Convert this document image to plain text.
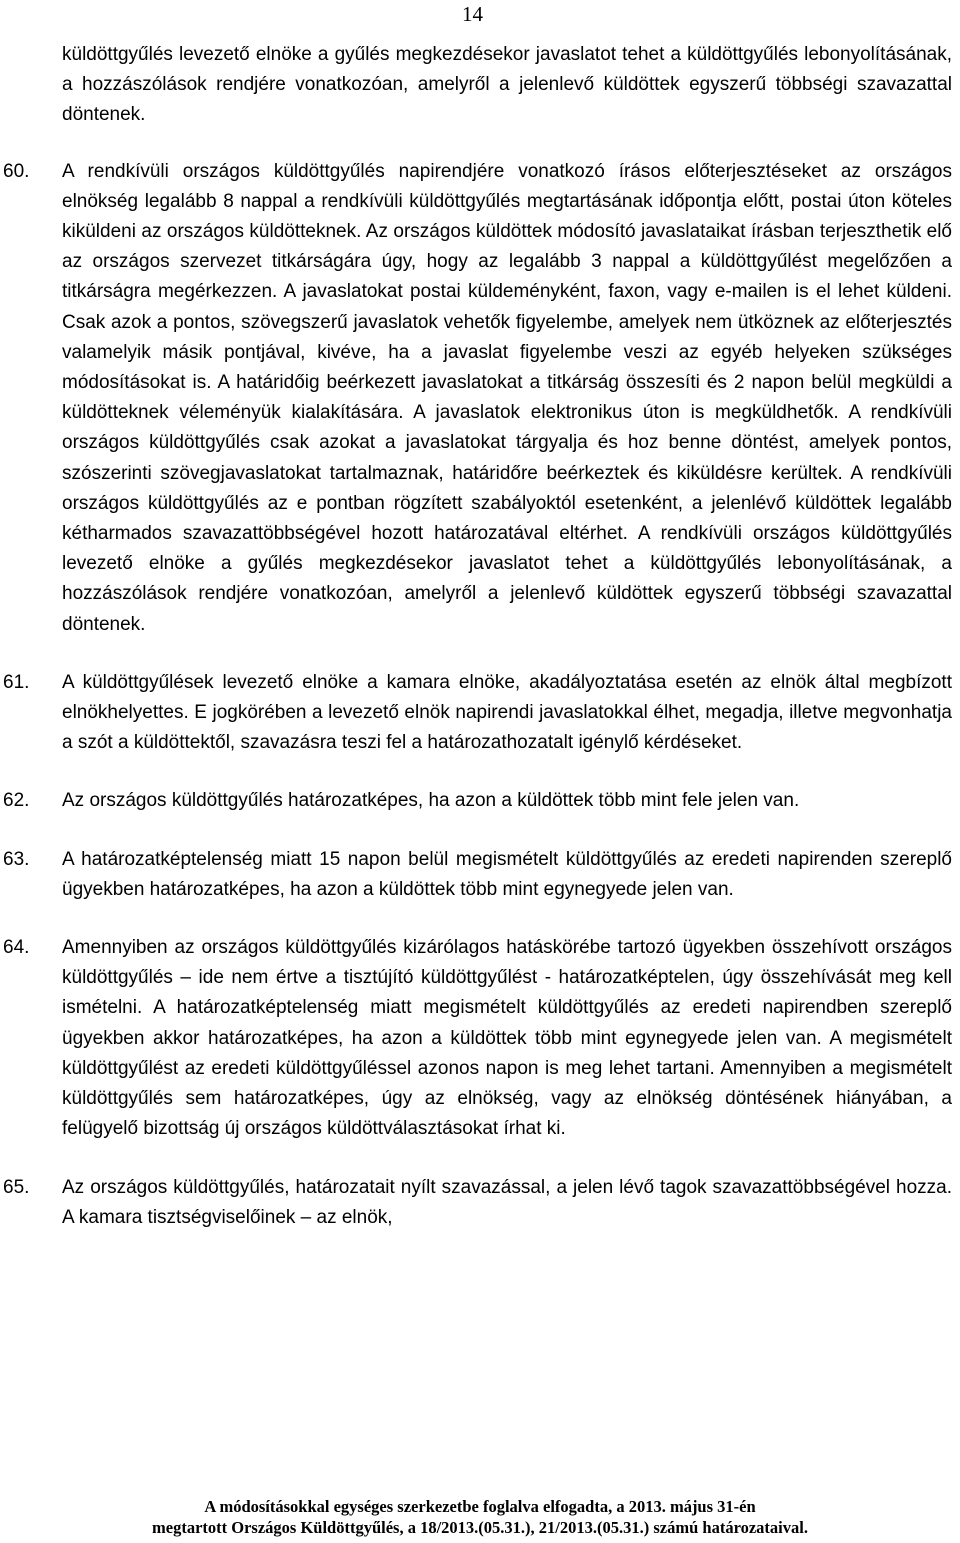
14
küldöttgyűlés levezető elnöke a gyűlés megkezdésekor javaslatot tehet a küldöttgyűlés lebonyolításának, a hozzászólások rendjére vonatkozóan, amelyről a jelenlevő küldöttek egyszerű többségi szavazattal döntenek.
60. A rendkívüli országos küldöttgyűlés napirendjére vonatkozó írásos előterjesztéseket az országos elnökség legalább 8 nappal a rendkívüli küldöttgyűlés megtartásának időpontja előtt, postai úton köteles kiküldeni az országos küldötteknek. Az országos küldöttek módosító javaslataikat írásban terjeszthetik elő az országos szervezet titkárságára úgy, hogy az legalább 3 nappal a küldöttgyűlést megelőzően a titkárságra megérkezzen. A javaslatokat postai küldeményként, faxon, vagy e-mailen is el lehet küldeni. Csak azok a pontos, szövegszerű javaslatok vehetők figyelembe, amelyek nem ütköznek az előterjesztés valamelyik másik pontjával, kivéve, ha a javaslat figyelembe veszi az egyéb helyeken szükséges módosításokat is. A határidőig beérkezett javaslatokat a titkárság összesíti és 2 napon belül megküldi a küldötteknek véleményük kialakítására. A javaslatok elektronikus úton is megküldhetők. A rendkívüli országos küldöttgyűlés csak azokat a javaslatokat tárgyalja és hoz benne döntést, amelyek pontos, szószerinti szövegjavaslatokat tartalmaznak, határidőre beérkeztek és kiküldésre kerültek. A rendkívüli országos küldöttgyűlés az e pontban rögzített szabályoktól esetenként, a jelenlévő küldöttek legalább kétharmados szavazattöbbségével hozott határozatával eltérhet. A rendkívüli országos küldöttgyűlés levezető elnöke a gyűlés megkezdésekor javaslatot tehet a küldöttgyűlés lebonyolításának, a hozzászólások rendjére vonatkozóan, amelyről a jelenlevő küldöttek egyszerű többségi szavazattal döntenek.
61. A küldöttgyűlések levezető elnöke a kamara elnöke, akadályoztatása esetén az elnök által megbízott elnökhelyettes. E jogkörében a levezető elnök napirendi javaslatokkal élhet, megadja, illetve megvonhatja a szót a küldöttektől, szavazásra teszi fel a határozathozatalt igénylő kérdéseket.
62. Az országos küldöttgyűlés határozatképes, ha azon a küldöttek több mint fele jelen van.
63. A határozatképtelenség miatt 15 napon belül megismételt küldöttgyűlés az eredeti napirenden szereplő ügyekben határozatképes, ha azon a küldöttek több mint egynegyede jelen van.
64. Amennyiben az országos küldöttgyűlés kizárólagos hatáskörébe tartozó ügyekben összehívott országos küldöttgyűlés – ide nem értve a tisztújító küldöttgyűlést - határozatképtelen, úgy összehívását meg kell ismételni. A határozatképtelenség miatt megismételt küldöttgyűlés az eredeti napirendben szereplő ügyekben akkor határozatképes, ha azon a küldöttek több mint egynegyede jelen van. A megismételt küldöttgyűlést az eredeti küldöttgyűléssel azonos napon is meg lehet tartani. Amennyiben a megismételt küldöttgyűlés sem határozatképes, úgy az elnökség, vagy az elnökség döntésének hiányában, a felügyelő bizottság új országos küldöttválasztásokat írhat ki.
65. Az országos küldöttgyűlés, határozatait nyílt szavazással, a jelen lévő tagok szavazattöbbségével hozza. A kamara tisztségviselőinek – az elnök,
A módosításokkal egységes szerkezetbe foglalva elfogadta, a 2013. május 31-én
megtartott Országos Küldöttgyűlés, a 18/2013.(05.31.), 21/2013.(05.31.) számú határozataival.
